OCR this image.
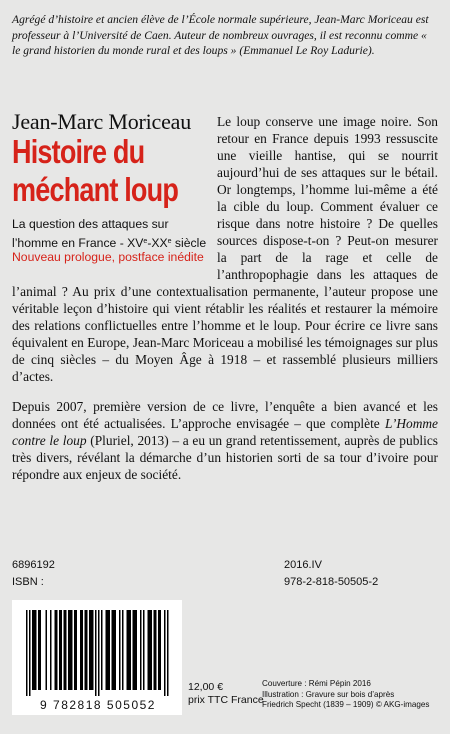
Agrégé d’histoire et ancien élève de l’École normale supérieure, Jean-Marc Moriceau est professeur à l’Université de Caen. Auteur de nombreux ouvrages, il est reconnu comme « le grand historien du monde rural et des loups » (Emmanuel Le Roy Ladurie).
Jean-Marc Moriceau
Histoire du
méchant loup
La question des attaques sur l’homme en France - XVe-XXe siècle
Nouveau prologue, postface inédite

Le loup conserve une image noire. Son retour en France depuis 1993 ressuscite une vieille hantise, qui se nourrit aujourd’hui de ses attaques sur le bétail. Or longtemps, l’homme lui-même a été la cible du loup. Comment évaluer ce risque dans notre histoire ? De quelles sources dispose-t-on ? Peut-on mesurer la part de la rage et celle de l’anthropophagie dans les attaques de l’animal ? Au prix d’une contextualisation permanente, l’auteur propose une véritable leçon d’histoire qui vient rétablir les réalités et restaurer la mémoire des relations conflictuelles entre l’homme et le loup. Pour écrire ce livre sans équivalent en Europe, Jean-Marc Moriceau a mobilisé les témoignages sur plus de cinq siècles – du Moyen Âge à 1918 – et rassemblé plusieurs milliers d’actes.

Depuis 2007, première version de ce livre, l’enquête a bien avancé et les données ont été actualisées. L’approche envisagée – que complète L’Homme contre le loup (Pluriel, 2013) – a eu un grand retentissement, auprès de publics très divers, révélant la démarche d’un historien sorti de sa tour d’ivoire pour répondre aux enjeux de société.

6896192	2016.IV
ISBN :	978-2-818-50505-2
9 782818 505052
12,00 €
prix TTC France
Couverture : Rémi Pépin 2016
Illustration : Gravure sur bois d’après
Friedrich Specht (1839 – 1909) © AKG-images
